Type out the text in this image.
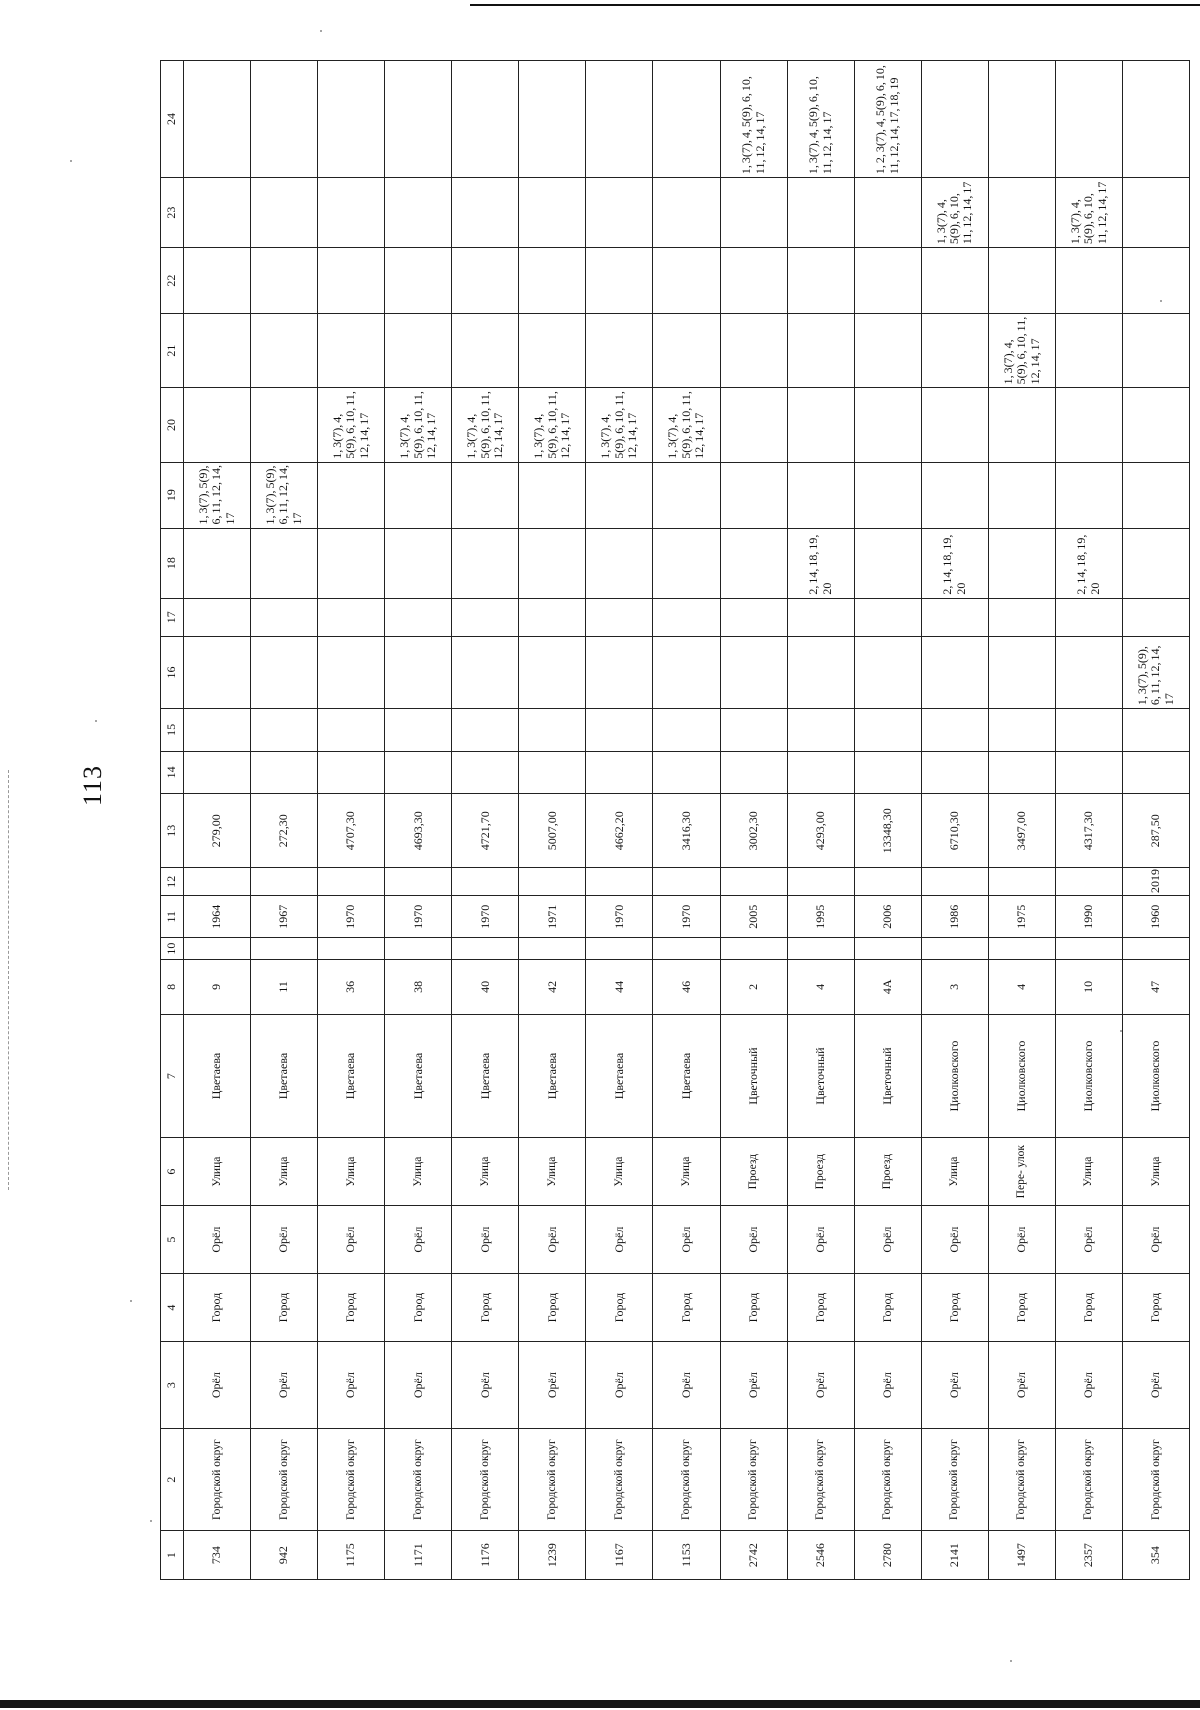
113
1	2	3	4	5	6	7	8	10	11	12	13	14	15	16	17	18	19	20	21	22	23	24
734	Городской округ	Орёл	Город	Орёл	Улица	Цветаева	9		1964		279,00						1, 3(7), 5(9), 6, 11, 12, 14, 17					
942	Городской округ	Орёл	Город	Орёл	Улица	Цветаева	11		1967		272,30						1, 3(7), 5(9), 6, 11, 12, 14, 17					
1175	Городской округ	Орёл	Город	Орёл	Улица	Цветаева	36		1970		4707,30							1, 3(7), 4, 5(9), 6, 10, 11, 12, 14, 17				
1171	Городской округ	Орёл	Город	Орёл	Улица	Цветаева	38		1970		4693,30							1, 3(7), 4, 5(9), 6, 10, 11, 12, 14, 17				
1176	Городской округ	Орёл	Город	Орёл	Улица	Цветаева	40		1970		4721,70							1, 3(7), 4, 5(9), 6, 10, 11, 12, 14, 17				
1239	Городской округ	Орёл	Город	Орёл	Улица	Цветаева	42		1971		5007,00							1, 3(7), 4, 5(9), 6, 10, 11, 12, 14, 17				
1167	Городской округ	Орёл	Город	Орёл	Улица	Цветаева	44		1970		4662,20							1, 3(7), 4, 5(9), 6, 10, 11, 12, 14, 17				
1153	Городской округ	Орёл	Город	Орёл	Улица	Цветаева	46		1970		3416,30							1, 3(7), 4, 5(9), 6, 10, 11, 12, 14, 17				
2742	Городской округ	Орёл	Город	Орёл	Проезд	Цветочный	2		2005		3002,30											1, 3(7), 4, 5(9), 6, 10, 11, 12, 14, 17
2546	Городской округ	Орёл	Город	Орёл	Проезд	Цветочный	4		1995		4293,00					2, 14, 18, 19, 20						1, 3(7), 4, 5(9), 6, 10, 11, 12, 14, 17
2780	Городской округ	Орёл	Город	Орёл	Проезд	Цветочный	4А		2006		13348,30											1, 2, 3(7), 4, 5(9), 6, 10, 11, 12, 14, 17, 18, 19
2141	Городской округ	Орёл	Город	Орёл	Улица	Циолковского	3		1986		6710,30					2, 14, 18, 19, 20					1, 3(7), 4, 5(9), 6, 10, 11, 12, 14, 17	
1497	Городской округ	Орёл	Город	Орёл	Пере- улок	Циолковского	4		1975		3497,00								1, 3(7), 4, 5(9), 6, 10, 11, 12, 14, 17			
2357	Городской округ	Орёл	Город	Орёл	Улица	Циолковского	10		1990		4317,30					2, 14, 18, 19, 20					1, 3(7), 4, 5(9), 6, 10, 11, 12, 14, 17	
354	Городской округ	Орёл	Город	Орёл	Улица	Циолковского	47		1960	2019	287,50			1, 3(7), 5(9), 6, 11, 12, 14, 17								
